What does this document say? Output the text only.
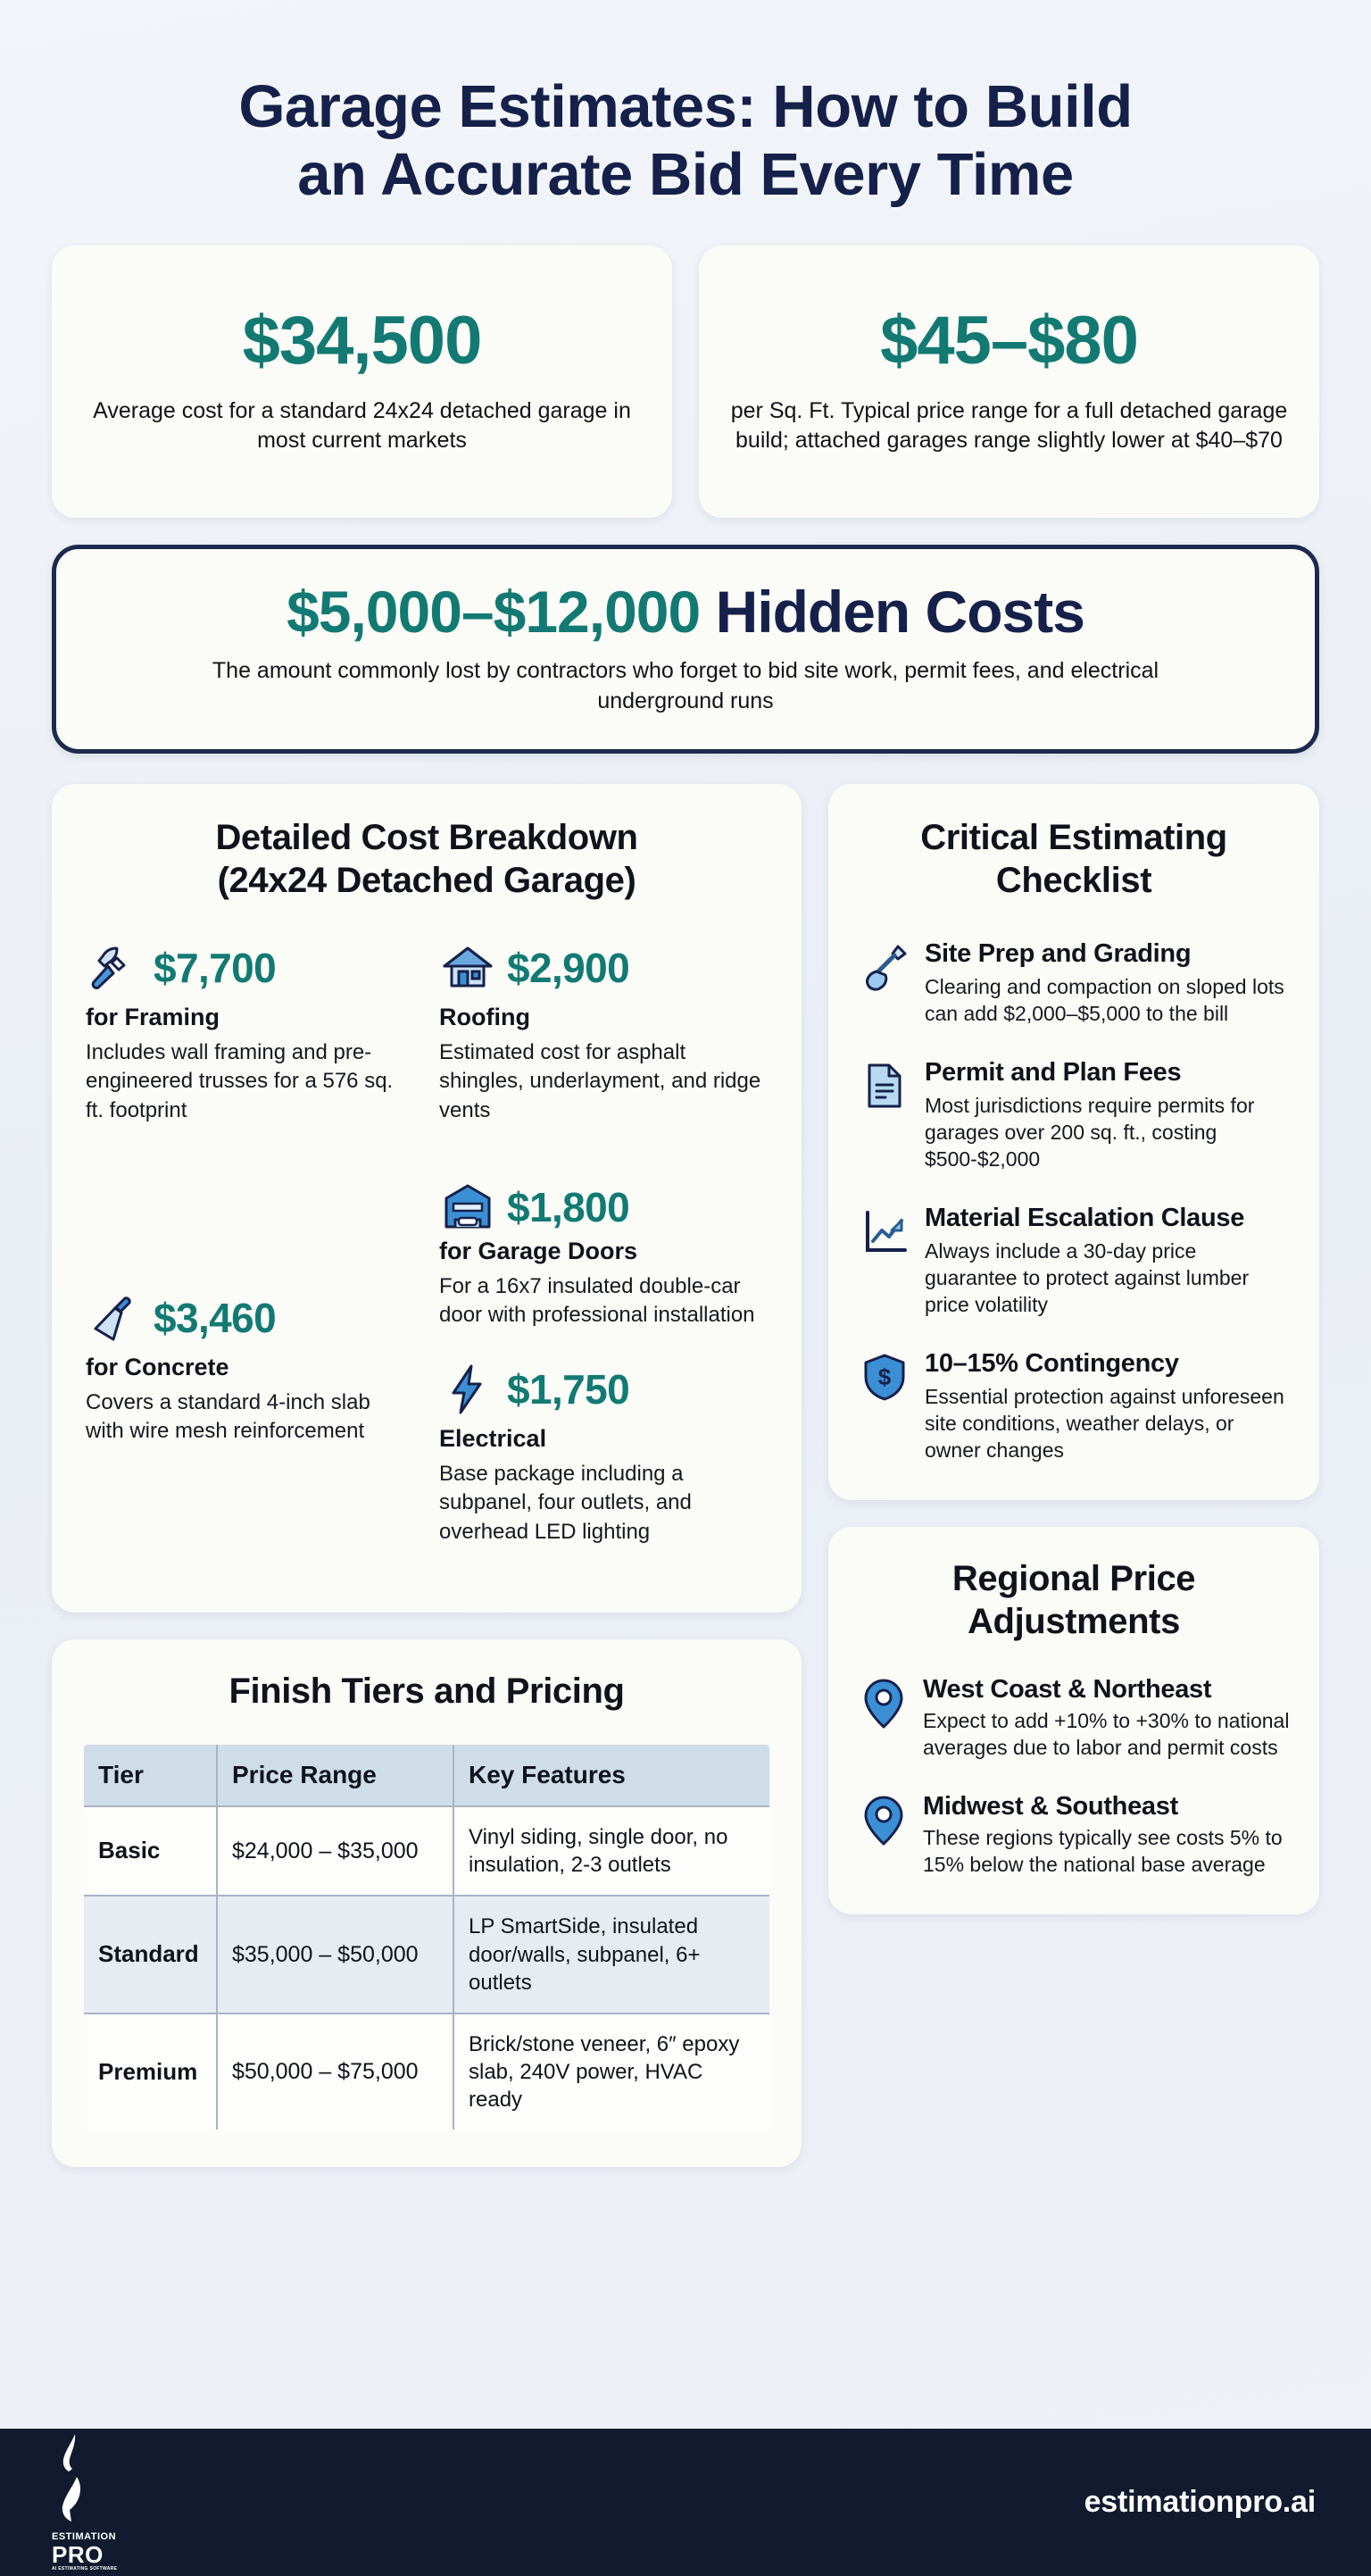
Garage Estimates: How to Build
an Accurate Bid Every Time
$34,500
Average cost for a standard 24x24 detached garage in most current markets
$45–$80
per Sq. Ft. Typical price range for a full detached garage build; attached garages range slightly lower at $40–$70
$5,000–$12,000 Hidden Costs
The amount commonly lost by contractors who forget to bid site work, permit fees, and electrical underground runs
Detailed Cost Breakdown
(24x24 Detached Garage)
$7,700
for Framing
Includes wall framing and pre-engineered trusses for a 576 sq. ft. footprint
$3,460
for Concrete
Covers a standard 4-inch slab with wire mesh reinforcement
$2,900
Roofing
Estimated cost for asphalt shingles, underlayment, and ridge vents
$1,800
for Garage Doors
For a 16x7 insulated double-car door with professional installation
$1,750
Electrical
Base package including a subpanel, four outlets, and overhead LED lighting
Finish Tiers and Pricing
Tier	Price Range	Key Features
Basic	$24,000 – $35,000	Vinyl siding, single door, no insulation, 2-3 outlets
Standard	$35,000 – $50,000	LP SmartSide, insulated door/walls, subpanel, 6+ outlets
Premium	$50,000 – $75,000	Brick/stone veneer, 6″ epoxy slab, 240V power, HVAC ready
Critical Estimating
Checklist
Site Prep and Grading
Clearing and compaction on sloped lots can add $2,000–$5,000 to the bill
Permit and Plan Fees
Most jurisdictions require permits for garages over 200 sq. ft., costing $500-$2,000
Material Escalation Clause
Always include a 30-day price guarantee to protect against lumber price volatility
$ 10–15% Contingency
Essential protection against unforeseen site conditions, weather delays, or owner changes
Regional Price
Adjustments
West Coast & Northeast
Expect to add +10% to +30% to national averages due to labor and permit costs
Midwest & Southeast
These regions typically see costs 5% to 15% below the national base average
ESTIMATION
PRO
AI ESTIMATING SOFTWARE
estimationpro.ai
